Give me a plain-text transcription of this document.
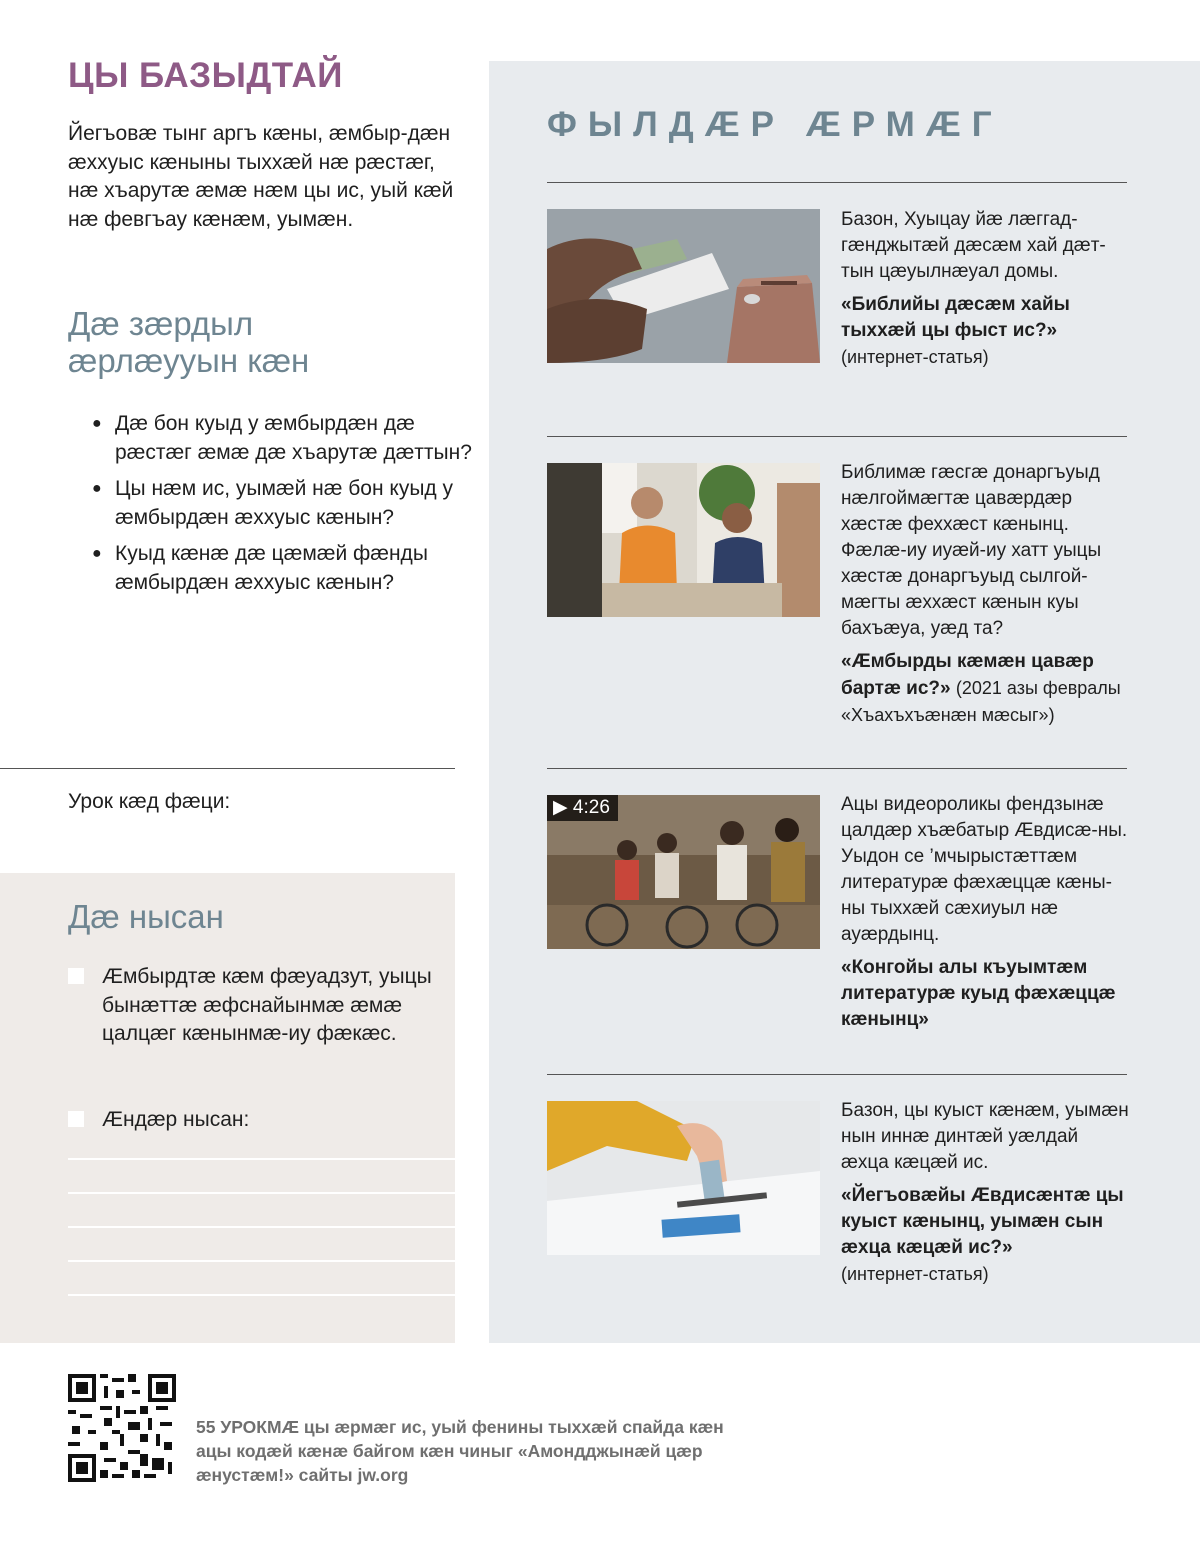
ЦЫ БАЗЫДТАЙ
Йегъовæ тынг аргъ кæны, æмбыр-дæн æххуыс кæныны тыххæй нæ рæстæг, нæ хъарутæ æмæ нæм цы ис, уый кæй нæ февгъау кæнæм, уымæн.
Дæ зæрдыл æрлæууын кæн
● Дæ бон куыд у æмбырдæн дæ рæстæг æмæ дæ хъарутæ дæттын?
● Цы нæм ис, уымæй нæ бон куыд у æмбырдæн æххуыс кæнын?
● Куыд кæнæ дæ цæмæй фæнды æмбырдæн æххуыс кæнын?
Урок кæд фæци:
Дæ нысан
Æмбырдтæ кæм фæуадзут, уыцы бынæттæ æфснайынмæ æмæ цалцæг кæнынмæ-иу фæкæс.
Æндæр нысан:
ФЫЛДÆР ÆРМÆГ
Базон, Хуыцау йæ лæггад-гæнджытæй дæсæм хай дæт-тын цæуылнæуал домы.
«Библийы дæсæм хайы тыххæй цы фыст ис?»
(интернет-статья)
Библимæ гæсгæ донаргъуыд нæлгоймæгтæ цавæрдæр хæстæ феххæст кæнынц. Фæлæ-иу иуæй-иу хатт уыцы хæстæ донаргъуыд сылгой-мæгты æххæст кæнын куы бахъæуа, уæд та?
«Æмбырды кæмæн цавæр бартæ ис?» (2021 азы февралы «Хъахъхъæнæн мæсыг»)
▶ 4:26	Ацы видеороликы фендзынæ цалдæр хъæбатыр Æвдисæ-ны. Уыдон се ’мчырыстæттæм литературæ фæхæццæ кæны-ны тыххæй сæхиуыл нæ ауæрдынц.
«Конгойы алы къуымтæм литературæ куыд фæхæццæ кæнынц»
Базон, цы куыст кæнæм, уымæн нын иннæ динтæй уæлдай æхца кæцæй ис.
«Йегъовæйы Æвдисæнтæ цы куыст кæнынц, уымæн сын æхца кæцæй ис?»
(интернет-статья)
55 УРОКМÆ цы æрмæг ис, уый фенины тыххæй спайда кæн ацы кодæй кæнæ байгом кæн чиныг «Амондджынæй цæр æнустæм!» сайты jw.org
